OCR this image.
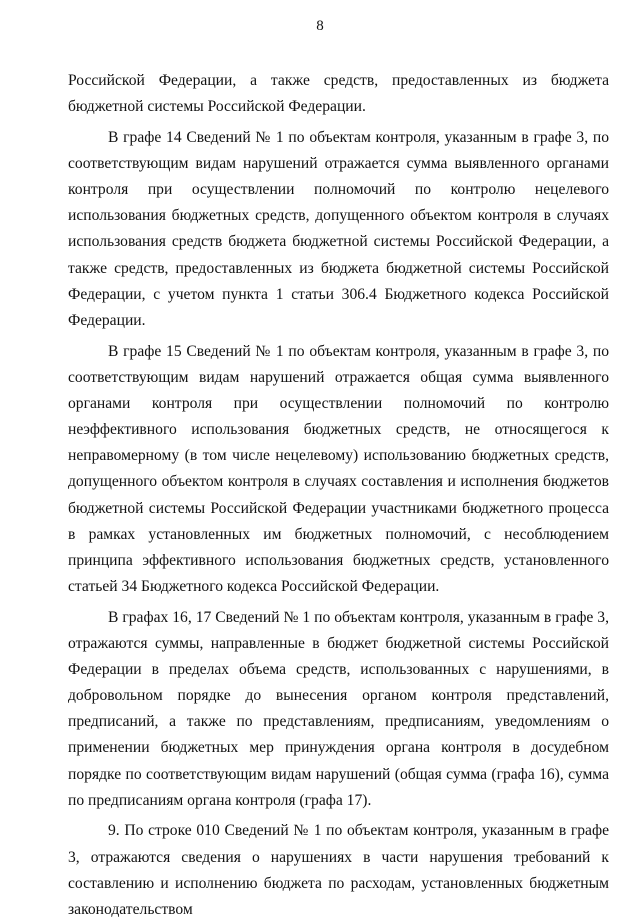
8

Российской Федерации, а также средств, предоставленных из бюджета бюджетной системы Российской Федерации.

В графе 14 Сведений № 1 по объектам контроля, указанным в графе 3, по соответствующим видам нарушений отражается сумма выявленного органами контроля при осуществлении полномочий по контролю нецелевого использования бюджетных средств, допущенного объектом контроля в случаях использования средств бюджета бюджетной системы Российской Федерации, а также средств, предоставленных из бюджета бюджетной системы Российской Федерации, с учетом пункта 1 статьи 306.4 Бюджетного кодекса Российской Федерации.

В графе 15 Сведений № 1 по объектам контроля, указанным в графе 3, по соответствующим видам нарушений отражается общая сумма выявленного органами контроля при осуществлении полномочий по контролю неэффективного использования бюджетных средств, не относящегося к неправомерному (в том числе нецелевому) использованию бюджетных средств, допущенного объектом контроля в случаях составления и исполнения бюджетов бюджетной системы Российской Федерации участниками бюджетного процесса в рамках установленных им бюджетных полномочий, с несоблюдением принципа эффективного использования бюджетных средств, установленного статьей 34 Бюджетного кодекса Российской Федерации.

В графах 16, 17 Сведений № 1 по объектам контроля, указанным в графе 3, отражаются суммы, направленные в бюджет бюджетной системы Российской Федерации в пределах объема средств, использованных с нарушениями, в добровольном порядке до вынесения органом контроля представлений, предписаний, а также по представлениям, предписаниям, уведомлениям о применении бюджетных мер принуждения органа контроля в досудебном порядке по соответствующим видам нарушений (общая сумма (графа 16), сумма по предписаниям органа контроля (графа 17).

9. По строке 010 Сведений № 1 по объектам контроля, указанным в графе 3, отражаются сведения о нарушениях в части нарушения требований к составлению и исполнению бюджета по расходам, установленных бюджетным законодательством
